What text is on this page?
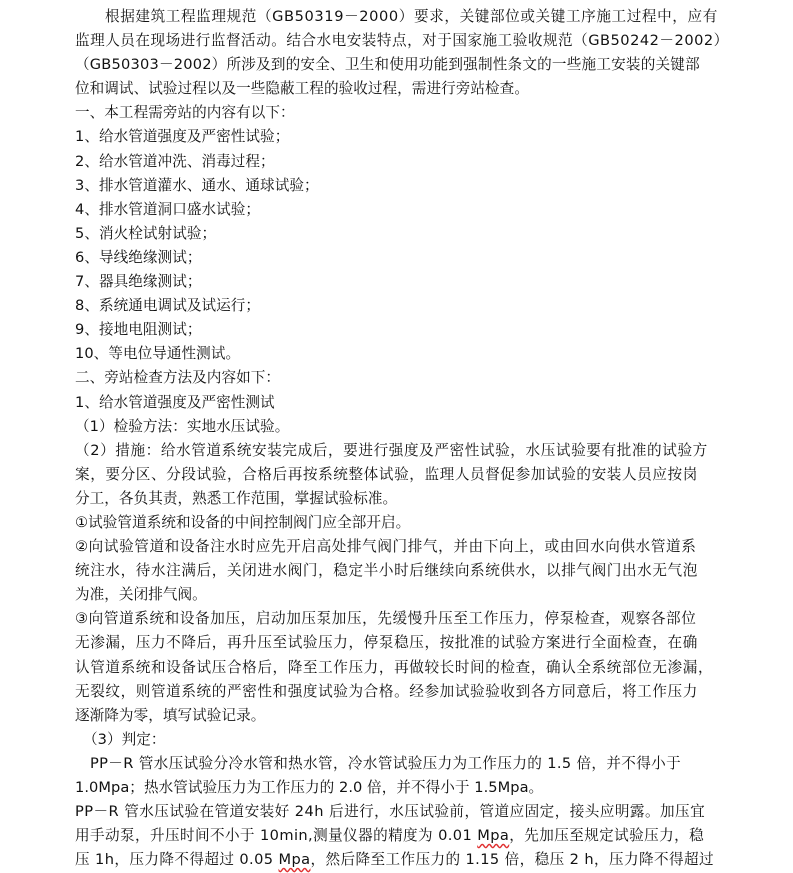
根据建筑工程监理规范（GB50319－2000）要求，关键部位或关键工序施工过程中，应有
监理人员在现场进行监督活动。结合水电安装特点，对于国家施工验收规范（GB50242－2002）
（GB50303－2002）所涉及到的安全、卫生和使用功能到强制性条文的一些施工安装的关键部
位和调试、试验过程以及一些隐蔽工程的验收过程，需进行旁站检查。
一、本工程需旁站的内容有以下：
1、给水管道强度及严密性试验；
2、给水管道冲洗、消毒过程；
3、排水管道灌水、通水、通球试验；
4、排水管道洞口盛水试验；
5、消火栓试射试验；
6、导线绝缘测试；
7、器具绝缘测试；
8、系统通电调试及试运行；
9、接地电阻测试；
10、等电位导通性测试。
二、旁站检查方法及内容如下：
1、给水管道强度及严密性测试
（1）检验方法：实地水压试验。
（2）措施：给水管道系统安装完成后，要进行强度及严密性试验，水压试验要有批准的试验方
案，要分区、分段试验，合格后再按系统整体试验，监理人员督促参加试验的安装人员应按岗
分工，各负其责，熟悉工作范围，掌握试验标准。
①试验管道系统和设备的中间控制阀门应全部开启。
②向试验管道和设备注水时应先开启高处排气阀门排气，并由下向上，或由回水向供水管道系
统注水，待水注满后，关闭进水阀门，稳定半小时后继续向系统供水，以排气阀门出水无气泡
为准，关闭排气阀。
③向管道系统和设备加压，启动加压泵加压，先缓慢升压至工作压力，停泵检查，观察各部位
无渗漏，压力不降后，再升压至试验压力，停泵稳压，按批准的试验方案进行全面检查，在确
认管道系统和设备试压合格后，降至工作压力，再做较长时间的检查，确认全系统部位无渗漏，
无裂纹，则管道系统的严密性和强度试验为合格。经参加试验验收到各方同意后，将工作压力
逐渐降为零，填写试验记录。
（3）判定：
PP－R 管水压试验分冷水管和热水管，冷水管试验压力为工作压力的 1.5 倍，并不得小于
1.0Mpa；热水管试验压力为工作压力的 2.0 倍，并不得小于 1.5Mpa。
PP－R 管水压试验在管道安装好 24h 后进行，水压试验前，管道应固定，接头应明露。加压宜
用手动泵，升压时间不小于 10min,测量仪器的精度为 0.01 Mpa，先加压至规定试验压力，稳
压 1h，压力降不得超过 0.05 Mpa，然后降至工作压力的 1.15 倍，稳压 2 h，压力降不得超过
